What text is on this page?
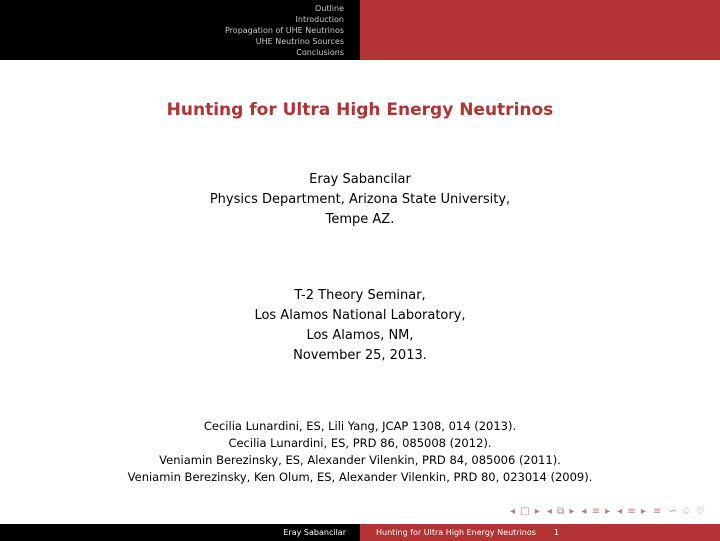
Outline
Introduction
Propagation of UHE Neutrinos
UHE Neutrino Sources
Conclusions
Hunting for Ultra High Energy Neutrinos
Eray Sabancilar
Physics Department, Arizona State University,
Tempe AZ.
T-2 Theory Seminar,
Los Alamos National Laboratory,
Los Alamos, NM,
November 25, 2013.
Cecilia Lunardini, ES, Lili Yang, JCAP 1308, 014 (2013).
Cecilia Lunardini, ES, PRD 86, 085008 (2012).
Veniamin Berezinsky, ES, Alexander Vilenkin, PRD 84, 085006 (2011).
Veniamin Berezinsky, Ken Olum, ES, Alexander Vilenkin, PRD 80, 023014 (2009).
◂ □ ▸ ◂ ⧉ ▸ ◂ ≡ ▸ ◂ ≡ ▸ ≡ ∽ ♤ ♡
Eray Sabancilar	Hunting for Ultra High Energy Neutrinos 1
